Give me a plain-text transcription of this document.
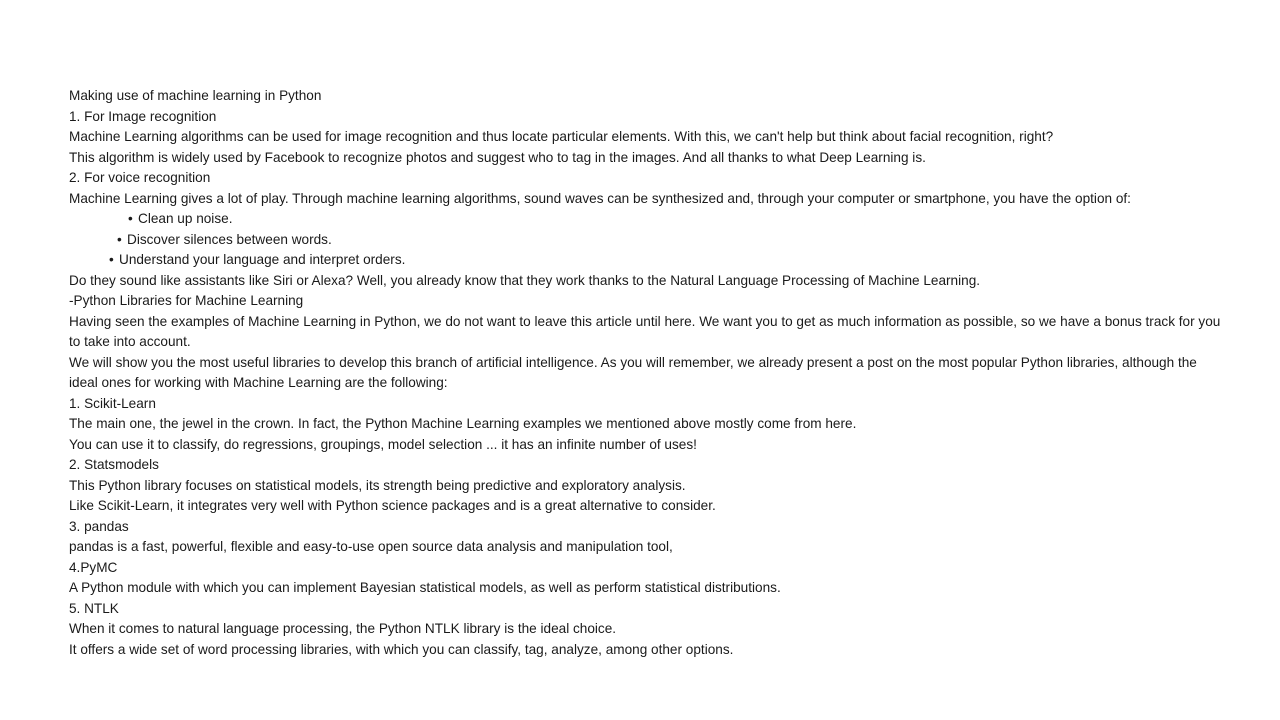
Making use of machine learning in Python

1. For Image recognition

Machine Learning algorithms can be used for image recognition and thus locate particular elements. With this, we can't help but think about facial recognition, right?

This algorithm is widely used by Facebook to recognize photos and suggest who to tag in the images. And all thanks to what Deep Learning is.

2. For voice recognition

Machine Learning gives a lot of play. Through machine learning algorithms, sound waves can be synthesized and, through your computer or smartphone, you have the option of:

• Clean up noise.

• Discover silences between words.

• Understand your language and interpret orders.

Do they sound like assistants like Siri or Alexa? Well, you already know that they work thanks to the Natural Language Processing of Machine Learning.

-Python Libraries for Machine Learning

Having seen the examples of Machine Learning in Python, we do not want to leave this article until here. We want you to get as much information as possible, so we have a bonus track for you to take into account.

We will show you the most useful libraries to develop this branch of artificial intelligence. As you will remember, we already present a post on the most popular Python libraries, although the ideal ones for working with Machine Learning are the following:

1. Scikit-Learn

The main one, the jewel in the crown. In fact, the Python Machine Learning examples we mentioned above mostly come from here.

You can use it to classify, do regressions, groupings, model selection ... it has an infinite number of uses!

2. Statsmodels

This Python library focuses on statistical models, its strength being predictive and exploratory analysis.

Like Scikit-Learn, it integrates very well with Python science packages and is a great alternative to consider.

3. pandas

pandas is a fast, powerful, flexible and easy-to-use open source data analysis and manipulation tool,

4.PyMC

A Python module with which you can implement Bayesian statistical models, as well as perform statistical distributions.

5. NTLK

When it comes to natural language processing, the Python NTLK library is the ideal choice.

It offers a wide set of word processing libraries, with which you can classify, tag, analyze, among other options.
